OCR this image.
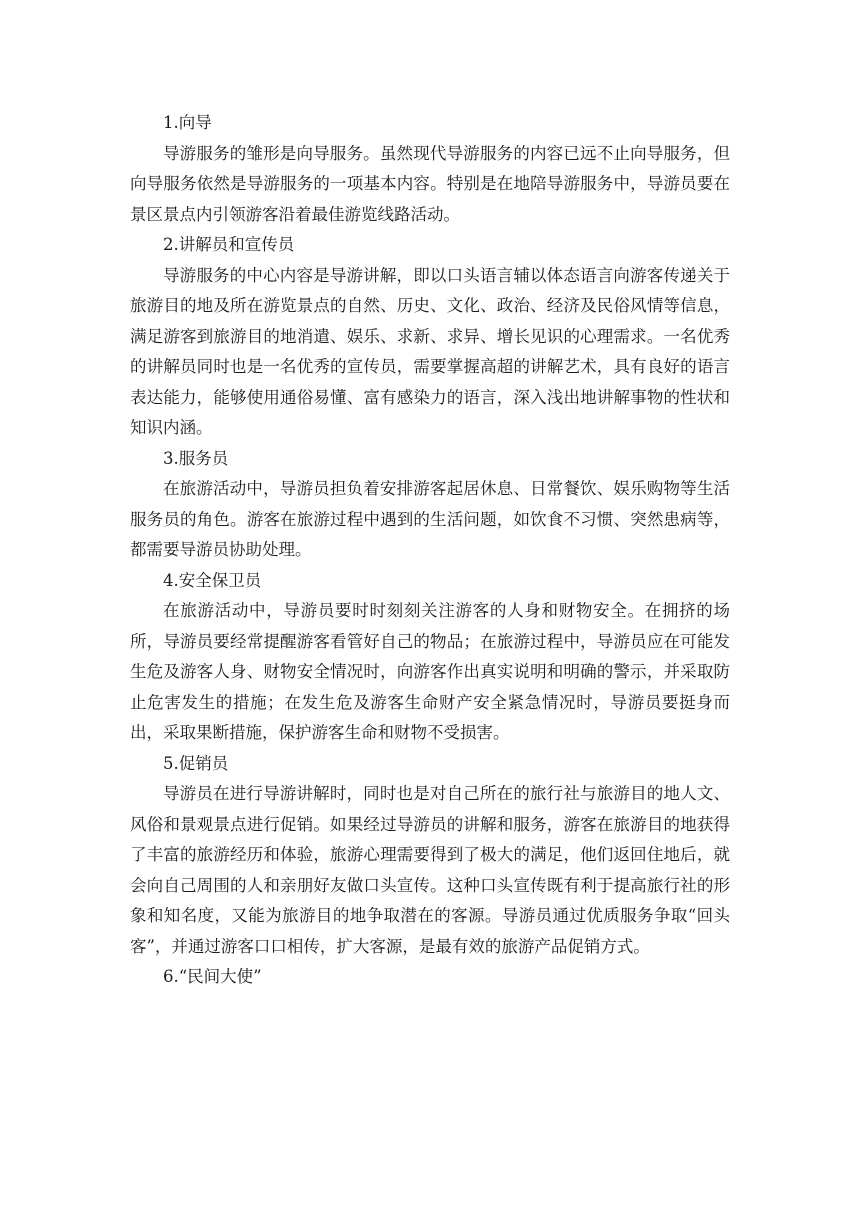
1.向导

导游服务的雏形是向导服务。虽然现代导游服务的内容已远不止向导服务，但向导服务依然是导游服务的一项基本内容。特别是在地陪导游服务中，导游员要在景区景点内引领游客沿着最佳游览线路活动。

2.讲解员和宣传员

导游服务的中心内容是导游讲解，即以口头语言辅以体态语言向游客传递关于旅游目的地及所在游览景点的自然、历史、文化、政治、经济及民俗风情等信息，满足游客到旅游目的地消遣、娱乐、求新、求异、增长见识的心理需求。一名优秀的讲解员同时也是一名优秀的宣传员，需要掌握高超的讲解艺术，具有良好的语言表达能力，能够使用通俗易懂、富有感染力的语言，深入浅出地讲解事物的性状和知识内涵。

3.服务员

在旅游活动中，导游员担负着安排游客起居休息、日常餐饮、娱乐购物等生活服务员的角色。游客在旅游过程中遇到的生活问题，如饮食不习惯、突然患病等，都需要导游员协助处理。

4.安全保卫员

在旅游活动中，导游员要时时刻刻关注游客的人身和财物安全。在拥挤的场所，导游员要经常提醒游客看管好自己的物品；在旅游过程中，导游员应在可能发生危及游客人身、财物安全情况时，向游客作出真实说明和明确的警示，并采取防止危害发生的措施；在发生危及游客生命财产安全紧急情况时，导游员要挺身而出，采取果断措施，保护游客生命和财物不受损害。

5.促销员

导游员在进行导游讲解时，同时也是对自己所在的旅行社与旅游目的地人文、风俗和景观景点进行促销。如果经过导游员的讲解和服务，游客在旅游目的地获得了丰富的旅游经历和体验，旅游心理需要得到了极大的满足，他们返回住地后，就会向自己周围的人和亲朋好友做口头宣传。这种口头宣传既有利于提高旅行社的形象和知名度，又能为旅游目的地争取潜在的客源。导游员通过优质服务争取“回头客”，并通过游客口口相传，扩大客源，是最有效的旅游产品促销方式。

6.“民间大使”
